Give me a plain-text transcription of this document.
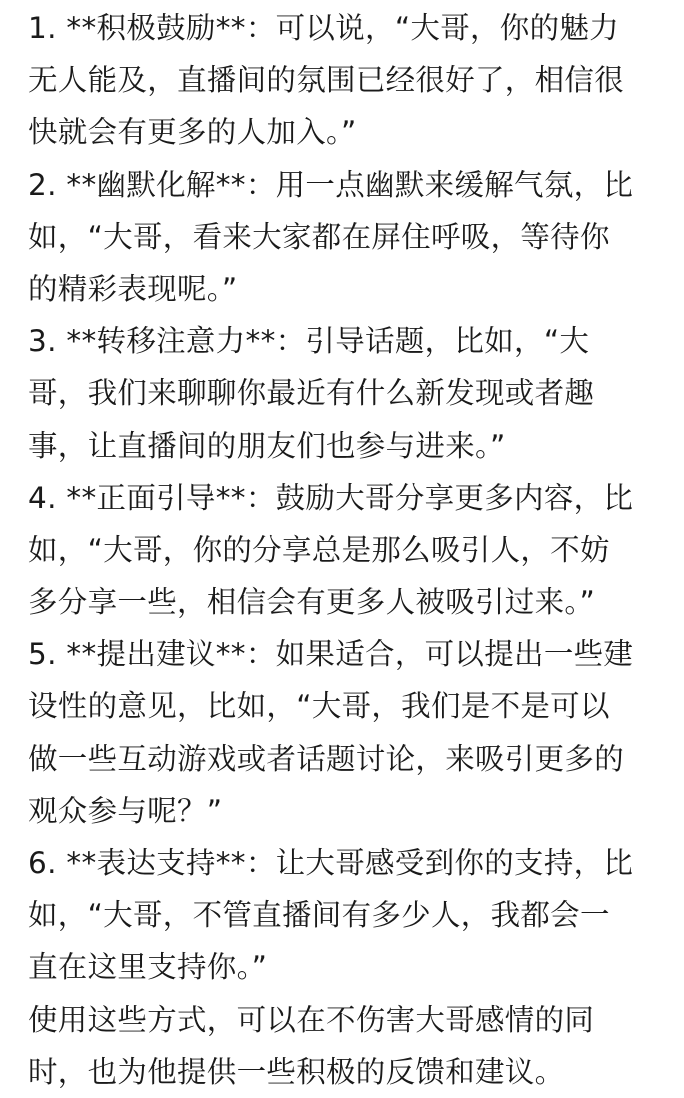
1. **积极鼓励**：可以说，“大哥，你的魅力
无人能及，直播间的氛围已经很好了，相信很
快就会有更多的人加入。”
2. **幽默化解**：用一点幽默来缓解气氛，比
如，“大哥，看来大家都在屏住呼吸，等待你
的精彩表现呢。”
3. **转移注意力**：引导话题，比如，“大
哥，我们来聊聊你最近有什么新发现或者趣
事，让直播间的朋友们也参与进来。”
4. **正面引导**：鼓励大哥分享更多内容，比
如，“大哥，你的分享总是那么吸引人，不妨
多分享一些，相信会有更多人被吸引过来。”
5. **提出建议**：如果适合，可以提出一些建
设性的意见，比如，“大哥，我们是不是可以
做一些互动游戏或者话题讨论，来吸引更多的
观众参与呢？”
6. **表达支持**：让大哥感受到你的支持，比
如，“大哥，不管直播间有多少人，我都会一
直在这里支持你。”
使用这些方式，可以在不伤害大哥感情的同
时，也为他提供一些积极的反馈和建议。
